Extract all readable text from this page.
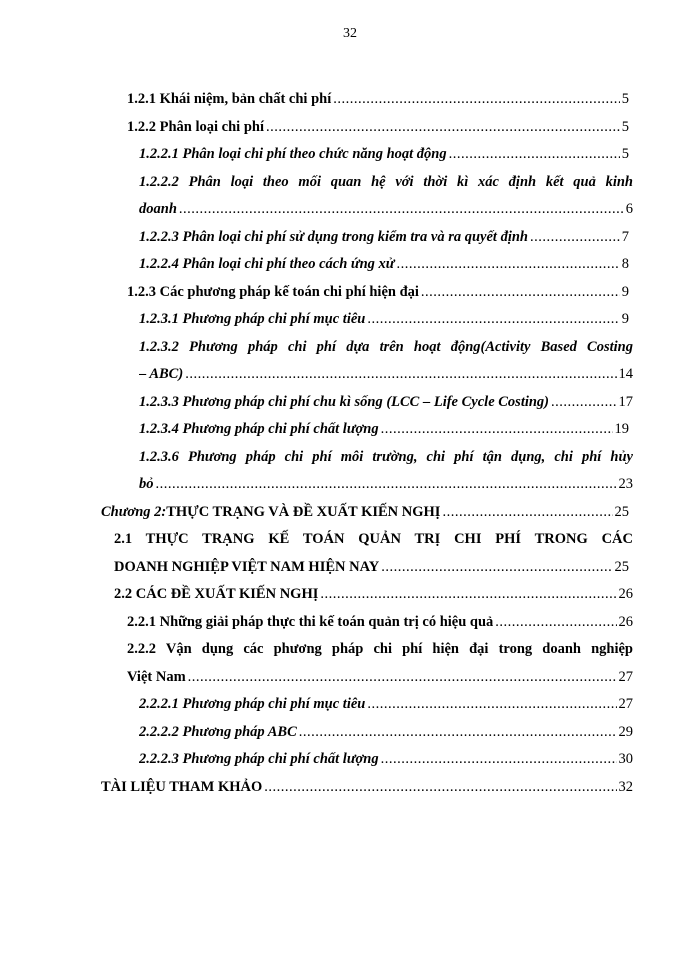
32
1.2.1 Khái niệm, bản chất chi phí .....	5
1.2.2 Phân loại chi phí .....	5
1.2.2.1 Phân loại chi phí theo chức năng hoạt động .....	5
1.2.2.2 Phân loại theo mối quan hệ với thời kì xác định kết quả kinh
doanh .....	6
1.2.2.3 Phân loại chi phí sử dụng trong kiểm tra và ra quyết định .....	7
1.2.2.4 Phân loại chi phí theo cách ứng xử .....	8
1.2.3 Các phương pháp kế toán chi phí hiện đại .....	9
1.2.3.1 Phương pháp chi phí mục tiêu .....	9
1.2.3.2 Phương pháp chi phí dựa trên hoạt động(Activity Based Costing
– ABC) .....	14
1.2.3.3 Phương pháp chi phí chu kì sống (LCC – Life Cycle Costing) .....	17
1.2.3.4 Phương pháp chi phí chất lượng .....	19
1.2.3.6 Phương pháp chi phí môi trường, chi phí tận dụng, chi phí hủy
bỏ .....	23
Chương 2: THỰC TRẠNG VÀ ĐỀ XUẤT KIẾN NGHỊ .....	25
2.1 THỰC TRẠNG KẾ TOÁN QUẢN TRỊ CHI PHÍ TRONG CÁC
DOANH NGHIỆP VIỆT NAM HIỆN NAY .....	25
2.2 CÁC ĐỀ XUẤT KIẾN NGHỊ .....	26
2.2.1 Những giải pháp thực thi kế toán quản trị có hiệu quả .....	26
2.2.2 Vận dụng các phương pháp chi phí hiện đại trong doanh nghiệp
Việt Nam .....	27
2.2.2.1 Phương pháp chi phí mục tiêu .....	27
2.2.2.2 Phương pháp ABC .....	29
2.2.2.3 Phương pháp chi phí chất lượng .....	30
TÀI LIỆU THAM KHẢO .....	32
